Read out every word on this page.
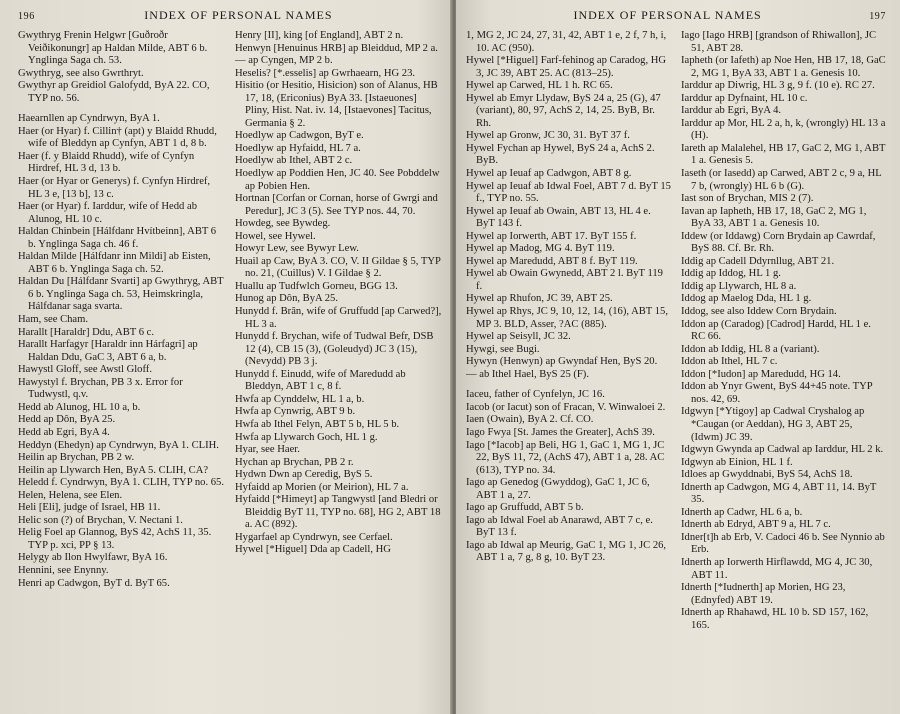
196	INDEX OF PERSONAL NAMES

Gwythryg Frenin Helgwr [Guðroðr Veiðikonungr] ap Haldan Milde, ABT 6 b. Ynglinga Saga ch. 53.

Gwythryg, see also Gwrthryt.

Gwythyr ap Greidiol Galofydd, ByA 22. CO, TYP no. 56.

Haearnllen ap Cyndrwyn, ByA 1.

Haer (or Hyar) f. Cillin† (apt) y Blaidd Rhudd, wife of Bleddyn ap Cynfyn, ABT 1 d, 8 b.

Haer (f. y Blaidd Rhudd), wife of Cynfyn Hirdref, HL 3 d, 13 b.

Haer (or Hyar or Generys) f. Cynfyn Hirdref, HL 3 e, [13 b], 13 c.

Haer (or Hyar) f. Iarddur, wife of Hedd ab Alunog, HL 10 c.

Haldan Chinbein [Hálfdanr Hvítbeinn], ABT 6 b. Ynglinga Saga ch. 46 f.

Haldan Milde [Hálfdanr inn Mildi] ab Eisten, ABT 6 b. Ynglinga Saga ch. 52.

Haldan Du [Hálfdanr Svarti] ap Gwythryg, ABT 6 b. Ynglinga Saga ch. 53, Heimskringla, Hálfdanar saga svarta.

Ham, see Cham.

Harallt [Haraldr] Ddu, ABT 6 c.

Harallt Harfagyr [Haraldr inn Hárfagri] ap Haldan Ddu, GaC 3, ABT 6 a, b.

Hawystl Gloff, see Awstl Gloff.

Hawystyl f. Brychan, PB 3 x. Error for Tudwystl, q.v.

Hedd ab Alunog, HL 10 a, b.

Hedd ap Dôn, ByA 25.

Hedd ab Egri, ByA 4.

Heddyn (Ehedyn) ap Cyndrwyn, ByA 1. CLIH.

Heilin ap Brychan, PB 2 w.

Heilin ap Llywarch Hen, ByA 5. CLIH, CA?

Heledd f. Cyndrwyn, ByA 1. CLIH, TYP no. 65.

Helen, Helena, see Elen.

Heli [Eli], judge of Israel, HB 11.

Helic son (?) of Brychan, V. Nectani 1.

Helig Foel ap Glannog, ByS 42, AchS 11, 35. TYP p. xci, PP § 13.

Helygy ab Ilon Hwylfawr, ByA 16.

Hennini, see Enynny.

Henri ap Cadwgon, ByT d. ByT 65.

Henry [II], king [of England], ABT 2 n.

Henwyn [Henuinus HRB] ap Bleiddud, MP 2 a.

— ap Cyngen, MP 2 b.

Heselis? [*.esselis] ap Gwrhaearn, HG 23.

Hisitio (or Hesitio, Hisicion) son of Alanus, HB 17, 18, (Ericonius) ByA 33. [Istaeuones] Pliny, Hist. Nat. iv. 14, [Istaevones] Tacitus, Germania § 2.

Hoedlyw ap Cadwgon, ByT e.

Hoedlyw ap Hyfaidd, HL 7 a.

Hoedlyw ab Ithel, ABT 2 c.

Hoedlyw ap Poddien Hen, JC 40. See Pobddelw ap Pobien Hen.

Hortnan [Corfan or Cornan, horse of Gwrgi and Peredur], JC 3 (5). See TYP nos. 44, 70.

Howdeg, see Bywdeg.

Howel, see Hywel.

Howyr Lew, see Bywyr Lew.

Huail ap Caw, ByA 3. CO, V. II Gildae § 5, TYP no. 21, (Cuillus) V. I Gildae § 2.

Huallu ap Tudfwlch Gorneu, BGG 13.

Hunog ap Dôn, ByA 25.

Hunydd f. Brân, wife of Gruffudd [ap Carwed?], HL 3 a.

Hunydd f. Brychan, wife of Tudwal Befr, DSB 12 (4), CB 15 (3), (Goleudyd) JC 3 (15), (Nevydd) PB 3 j.

Hunydd f. Einudd, wife of Maredudd ab Bleddyn, ABT 1 c, 8 f.

Hwfa ap Cynddelw, HL 1 a, b.

Hwfa ap Cynwrig, ABT 9 b.

Hwfa ab Ithel Felyn, ABT 5 b, HL 5 b.

Hwfa ap Llywarch Goch, HL 1 g.

Hyar, see Haer.

Hychan ap Brychan, PB 2 r.

Hydwn Dwn ap Ceredig, ByS 5.

Hyfaidd ap Morien (or Meirion), HL 7 a.

Hyfaidd [*Himeyt] ap Tangwystl [and Bledri or Bleiddig ByT 11, TYP no. 68], HG 2, ABT 18 a. AC (892).

Hygarfael ap Cyndrwyn, see Cerfael.

Hywel [*Higuel] Dda ap Cadell, HG

INDEX OF PERSONAL NAMES	197

1, MG 2, JC 24, 27, 31, 42, ABT 1 e, 2 f, 7 h, i, 10. AC (950).

Hywel [*Higuel] Farf-fehinog ap Caradog, HG 3, JC 39, ABT 25. AC (813–25).

Hywel ap Carwed, HL 1 h. RC 65.

Hywel ab Emyr Llydaw, ByS 24 a, 25 (G), 47 (variant), 80, 97, AchS 2, 14, 25. ByB, Br. Rh.

Hywel ap Gronw, JC 30, 31. ByT 37 f.

Hywel Fychan ap Hywel, ByS 24 a, AchS 2. ByB.

Hywel ap Ieuaf ap Cadwgon, ABT 8 g.

Hywel ap Ieuaf ab Idwal Foel, ABT 7 d. ByT 15 f., TYP no. 55.

Hywel ap Ieuaf ab Owain, ABT 13, HL 4 e. ByT 143 f.

Hywel ap Iorwerth, ABT 17. ByT 155 f.

Hywel ap Madog, MG 4. ByT 119.

Hywel ap Maredudd, ABT 8 f. ByT 119.

Hywel ab Owain Gwynedd, ABT 2 l. ByT 119 f.

Hywel ap Rhufon, JC 39, ABT 25.

Hywel ap Rhys, JC 9, 10, 12, 14, (16), ABT 15, MP 3. BLD, Asser, ?AC (885).

Hywel ap Seisyll, JC 32.

Hywgi, see Bugi.

Hywyn (Henwyn) ap Gwyndaf Hen, ByS 20.

— ab Ithel Hael, ByS 25 (F).

Iaceu, father of Cynfelyn, JC 16.

Iacob (or Iacut) son of Fracan, V. Winwaloei 2.

Iaen (Owain), ByA 2. Cf. CO.

Iago Fwya [St. James the Greater], AchS 39.

Iago [*Iacob] ap Beli, HG 1, GaC 1, MG 1, JC 22, ByS 11, 72, (AchS 47), ABT 1 a, 28. AC (613), TYP no. 34.

Iago ap Genedog (Gwyddog), GaC 1, JC 6, ABT 1 a, 27.

Iago ap Gruffudd, ABT 5 b.

Iago ab Idwal Foel ab Anarawd, ABT 7 c, e. ByT 13 f.

Iago ab Idwal ap Meurig, GaC 1, MG 1, JC 26, ABT 1 a, 7 g, 8 g, 10. ByT 23.

Iago [Iago HRB] [grandson of Rhiwallon], JC 51, ABT 28.

Iapheth (or Iafeth) ap Noe Hen, HB 17, 18, GaC 2, MG 1, ByA 33, ABT 1 a. Genesis 10.

Iarddur ap Diwrig, HL 3 g, 9 f. (10 e). RC 27.

Iarddur ap Dyfnaint, HL 10 c.

Iarddur ab Egri, ByA 4.

Iarddur ap Mor, HL 2 a, h, k, (wrongly) HL 13 a (H).

Iareth ap Malalehel, HB 17, GaC 2, MG 1, ABT 1 a. Genesis 5.

Iaseth (or Iasedd) ap Carwed, ABT 2 c, 9 a, HL 7 b, (wrongly) HL 6 b (G).

Iast son of Brychan, MIS 2 (7).

Iavan ap Iapheth, HB 17, 18, GaC 2, MG 1, ByA 33, ABT 1 a. Genesis 10.

Iddew (or Iddawg) Corn Brydain ap Cawrdaf, ByS 88. Cf. Br. Rh.

Iddig ap Cadell Ddyrnllug, ABT 21.

Iddig ap Iddog, HL 1 g.

Iddig ap Llywarch, HL 8 a.

Iddog ap Maelog Dda, HL 1 g.

Iddog, see also Iddew Corn Brydain.

Iddon ap (Caradog) [Cadrod] Hardd, HL 1 e. RC 66.

Iddon ab Iddig, HL 8 a (variant).

Iddon ab Ithel, HL 7 c.

Iddon [*Iudon] ap Maredudd, HG 14.

Iddon ab Ynyr Gwent, ByS 44+45 note. TYP nos. 42, 69.

Idgwyn [*Ytigoy] ap Cadwal Cryshalog ap *Caugan (or Aeddan), HG 3, ABT 25, (Idwm) JC 39.

Idgwyn Gwynda ap Cadwal ap Iarddur, HL 2 k.

Idgwyn ab Einion, HL 1 f.

Idloes ap Gwyddnabi, ByS 54, AchS 18.

Idnerth ap Cadwgon, MG 4, ABT 11, 14. ByT 35.

Idnerth ap Cadwr, HL 6 a, b.

Idnerth ab Edryd, ABT 9 a, HL 7 c.

Idner[t]h ab Erb, V. Cadoci 46 b. See Nynnio ab Erb.

Idnerth ap Iorwerth Hirflawdd, MG 4, JC 30, ABT 11.

Idnerth [*Iudnerth] ap Morien, HG 23, (Ednyfed) ABT 19.

Idnerth ap Rhahawd, HL 10 b. SD 157, 162, 165.
